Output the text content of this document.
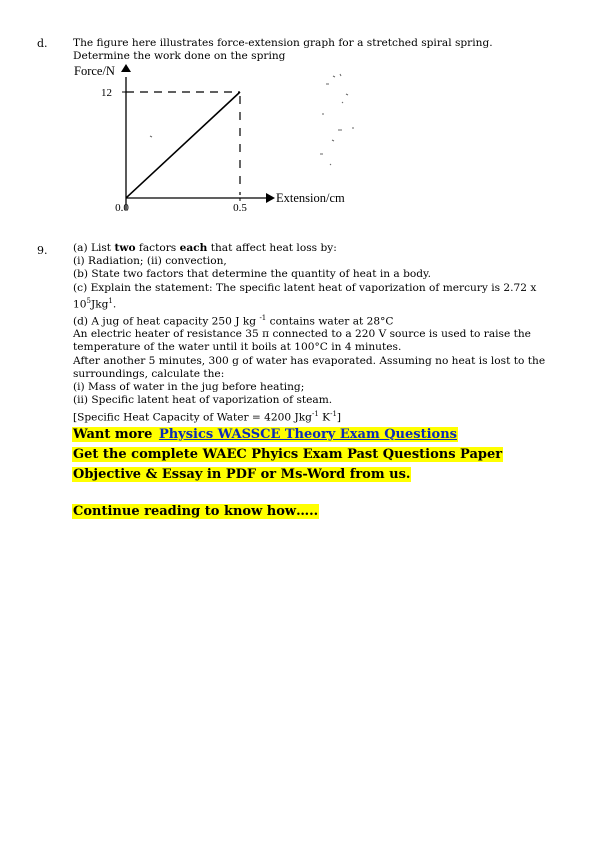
d. The figure here illustrates force-extension graph for a stretched spiral spring.
Determine the work done on the spring
Force/N
Extension/cm
12
0.0	0.5
9. (a) List two factors each that affect heat loss by:
(i) Radiation; (ii) convection,
(b) State two factors that determine the quantity of heat in a body.
(c) Explain the statement: The specific latent heat of vaporization of mercury is 2.72 x
$10^5Jkg^1$.
(d) A jug of heat capacity 250 J kg $^{-1}$ contains water at 28°C
An electric heater of resistance 35 π connected to a 220 V source is used to raise the
temperature of the water until it boils at 100°C in 4 minutes.
After another 5 minutes, 300 g of water has evaporated. Assuming no heat is lost to the
surroundings, calculate the:
(i) Mass of water in the jug before heating;
(ii) Specific latent heat of vaporization of steam.
[Specific Heat Capacity of Water = 4200 Jkg$^{-1}$ $K^{-1}$]
Want more Physics WASSCE Theory Exam Questions
Get the complete WAEC Phyics Exam Past Questions Paper
Objective & Essay in PDF or Ms-Word from us.
Continue reading to know how…..
